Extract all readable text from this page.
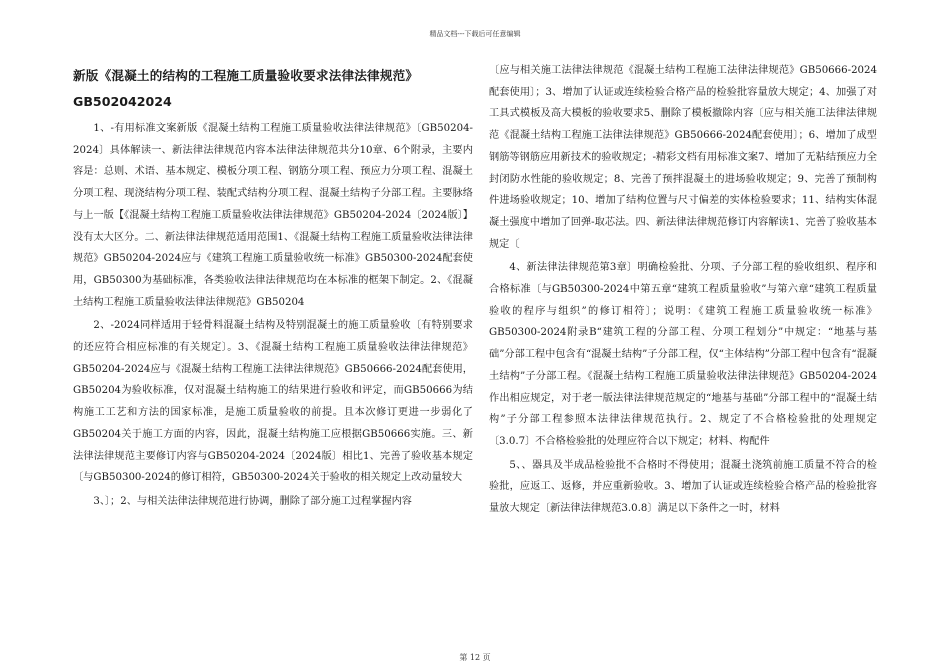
精品文档---下载后可任意编辑
新版《混凝土的结构的工程施工质量验收要求法律法律规范》GB502042024

1、-有用标准文案新版《混凝土结构工程施工质量验收法律法律规范》〔GB50204-2024〕具体解读一、新法律法律规范内容本法律法律规范共分10章、6个附录，主要内容是：总则、术语、基本规定、模板分项工程、钢筋分项工程、预应力分项工程、混凝土分项工程、现浇结构分项工程、装配式结构分项工程、混凝土结构子分部工程。主要脉络与上一版【《混凝土结构工程施工质量验收法律法律规范》GB50204-2024〔2024版〕】没有太大区分。二、新法律法律规范适用范围1、《混凝土结构工程施工质量验收法律法律规范》GB50204-2024应与《建筑工程施工质量验收统一标准》GB50300-2024配套使用，GB50300为基础标准，各类验收法律法律规范均在本标准的框架下制定。2、《混凝土结构工程施工质量验收法律法律规范》GB50204

2、-2024同样适用于轻骨料混凝土结构及特别混凝土的施工质量验收〔有特别要求的还应符合相应标准的有关规定〕。3、《混凝土结构工程施工质量验收法律法律规范》GB50204-2024应与《混凝土结构工程施工法律法律规范》GB50666-2024配套使用，GB50204为验收标准，仅对混凝土结构施工的结果进行验收和评定，而GB50666为结构施工工艺和方法的国家标准，是施工质量验收的前提。且本次修订更进一步弱化了GB50204关于施工方面的内容，因此，混凝土结构施工应根据GB50666实施。三、新法律法律规范主要修订内容与GB50204-2024〔2024版〕相比1、完善了验收基本规定〔与GB50300-2024的修订相符，GB50300-2024关于验收的相关规定上改动量较大

3、〕；2、与相关法律法律规范进行协调，删除了部分施工过程掌握内容

〔应与相关施工法律法律规范《混凝土结构工程施工法律法律规范》GB50666-2024配套使用〕；3、增加了认证或连续检验合格产品的检验批容量放大规定；4、加强了对工具式模板及高大模板的验收要求5、删除了模板撤除内容〔应与相关施工法律法律规范《混凝土结构工程施工法律法律规范》GB50666-2024配套使用〕；6、增加了成型钢筋等钢筋应用新技术的验收规定；-精彩文档有用标准文案7、增加了无粘结预应力全封闭防水性能的验收规定；8、完善了预拌混凝土的进场验收规定；9、完善了预制构件进场验收规定；10、增加了结构位置与尺寸偏差的实体检验要求；11、结构实体混凝土强度中增加了回弹-取芯法。四、新法律法律规范修订内容解读1、完善了验收基本规定〔

4、新法律法律规范第3章〕明确检验批、分项、子分部工程的验收组织、程序和合格标准〔与GB50300-2024中第五章“建筑工程质量验收”与第六章“建筑工程质量验收的程序与组织”的修订相符〕；说明：《建筑工程施工质量验收统一标准》GB50300-2024附录B“建筑工程的分部工程、分项工程划分”中规定：“地基与基础”分部工程中包含有“混凝土结构”子分部工程，仅“主体结构”分部工程中包含有“混凝土结构”子分部工程。《混凝土结构工程施工质量验收法律法律规范》GB50204-2024作出相应规定，对于老一版法律法律规范规定的“地基与基础”分部工程中的“混凝土结构”子分部工程参照本法律法律规范执行。2、规定了不合格检验批的处理规定〔3.0.7〕不合格检验批的处理应符合以下规定；材料、构配件

5、、器具及半成品检验批不合格时不得使用；混凝土浇筑前施工质量不符合的检验批，应返工、返修，并应重新验收。3、增加了认证或连续检验合格产品的检验批容量放大规定〔新法律法律规范3.0.8〕满足以下条件之一时，材料

第 12 页
